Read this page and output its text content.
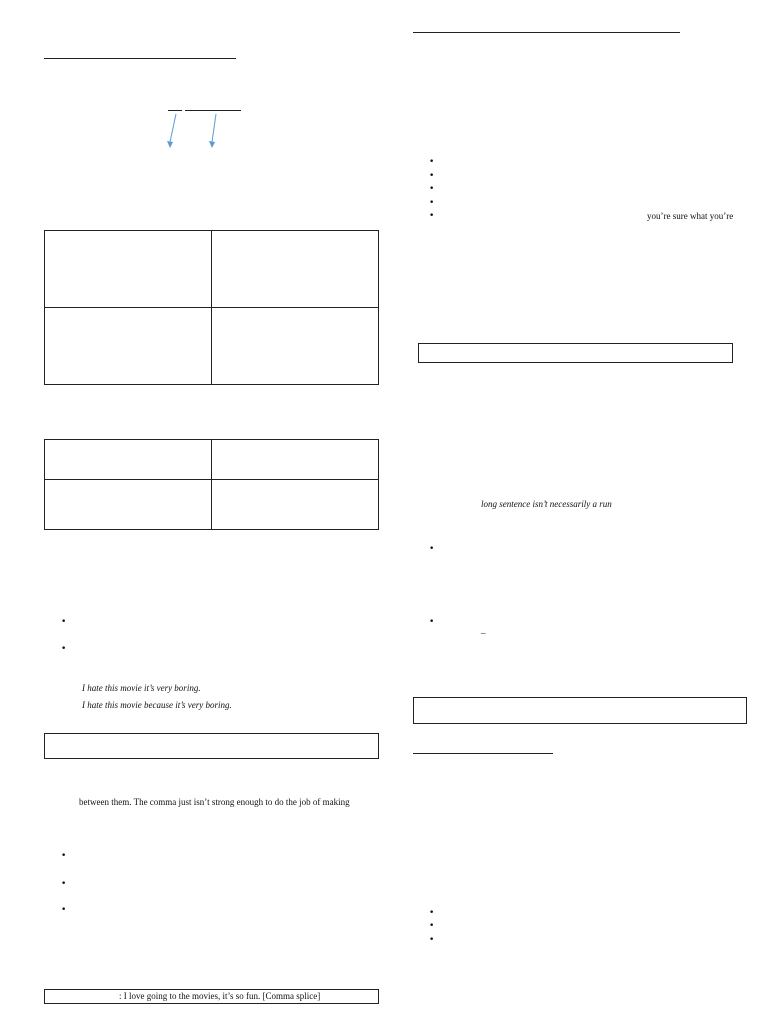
•
•
I hate this movie it’s very boring.
I hate this movie because it’s very boring.
between them. The comma just isn’t strong enough to do the job of making
•
•
•
: I love going to the movies, it’s so fun. [Comma splice]
•
•
•
•
•	you’re sure what you’re
long sentence isn’t necessarily a run
•
•
–
•
•
•
